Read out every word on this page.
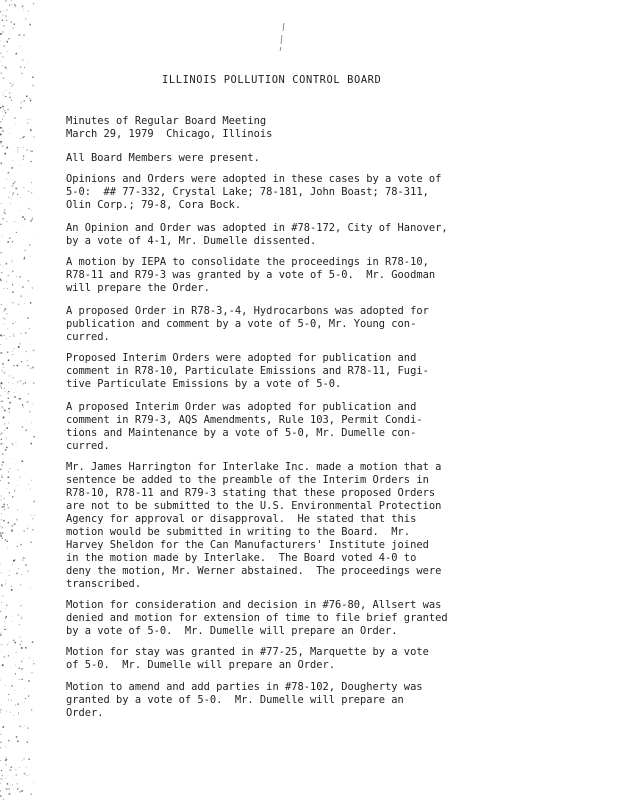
ILLINOIS POLLUTION CONTROL BOARD
Minutes of Regular Board Meeting
March 29, 1979  Chicago, Illinois
All Board Members were present.
Opinions and Orders were adopted in these cases by a vote of
5-0:  ## 77-332, Crystal Lake; 78-181, John Boast; 78-311,
Olin Corp.; 79-8, Cora Bock.
An Opinion and Order was adopted in #78-172, City of Hanover,
by a vote of 4-1, Mr. Dumelle dissented.
A motion by IEPA to consolidate the proceedings in R78-10,
R78-11 and R79-3 was granted by a vote of 5-0.  Mr. Goodman
will prepare the Order.
A proposed Order in R78-3,-4, Hydrocarbons was adopted for
publication and comment by a vote of 5-0, Mr. Young con-
curred.
Proposed Interim Orders were adopted for publication and
comment in R78-10, Particulate Emissions and R78-11, Fugi-
tive Particulate Emissions by a vote of 5-0.
A proposed Interim Order was adopted for publication and
comment in R79-3, AQS Amendments, Rule 103, Permit Condi-
tions and Maintenance by a vote of 5-0, Mr. Dumelle con-
curred.
Mr. James Harrington for Interlake Inc. made a motion that a
sentence be added to the preamble of the Interim Orders in
R78-10, R78-11 and R79-3 stating that these proposed Orders
are not to be submitted to the U.S. Environmental Protection
Agency for approval or disapproval.  He stated that this
motion would be submitted in writing to the Board.  Mr.
Harvey Sheldon for the Can Manufacturers' Institute joined
in the motion made by Interlake.  The Board voted 4-0 to
deny the motion, Mr. Werner abstained.  The proceedings were
transcribed.
Motion for consideration and decision in #76-80, Allsert was
denied and motion for extension of time to file brief granted
by a vote of 5-0.  Mr. Dumelle will prepare an Order.
Motion for stay was granted in #77-25, Marquette by a vote
of 5-0.  Mr. Dumelle will prepare an Order.
Motion to amend and add parties in #78-102, Dougherty was
granted by a vote of 5-0.  Mr. Dumelle will prepare an
Order.
